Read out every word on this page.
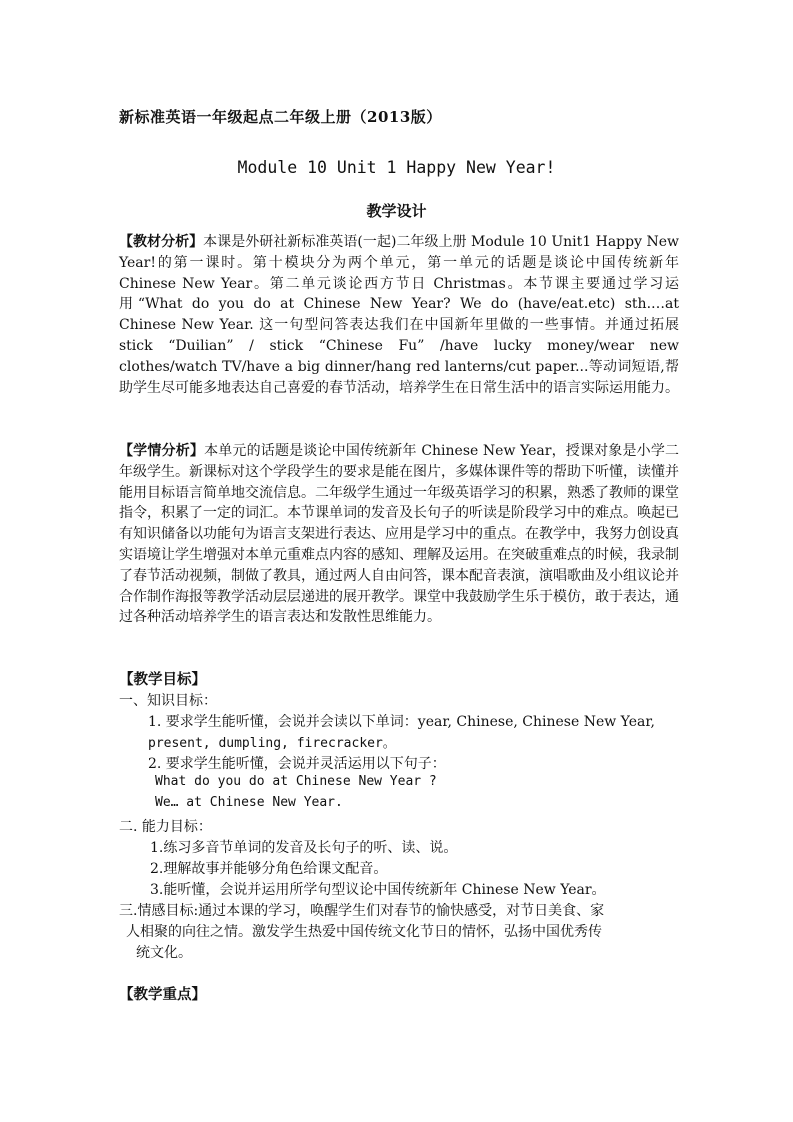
新标准英语一年级起点二年级上册（2013版）
Module 10 Unit 1 Happy New Year!
教学设计
【教材分析】本课是外研社新标准英语(一起)二年级上册 Module 10 Unit1 Happy New Year!的第一课时。第十模块分为两个单元，第一单元的话题是谈论中国传统新年 Chinese New Year。第二单元谈论西方节日 Christmas。本节课主要通过学习运用“What do you do at Chinese New Year? We do (have/eat.etc) sth.…at Chinese New Year. 这一句型问答表达我们在中国新年里做的一些事情。并通过拓展 stick “Duilian” / stick “Chinese Fu” /have lucky money/wear new clothes/watch TV/have a big dinner/hang red lanterns/cut paper...等动词短语,帮助学生尽可能多地表达自己喜爱的春节活动，培养学生在日常生活中的语言实际运用能力。
【学情分析】本单元的话题是谈论中国传统新年 Chinese New Year，授课对象是小学二年级学生。新课标对这个学段学生的要求是能在图片，多媒体课件等的帮助下听懂，读懂并能用目标语言简单地交流信息。二年级学生通过一年级英语学习的积累，熟悉了教师的课堂指令，积累了一定的词汇。本节课单词的发音及长句子的听读是阶段学习中的难点。唤起已有知识储备以功能句为语言支架进行表达、应用是学习中的重点。在教学中，我努力创设真实语境让学生增强对本单元重难点内容的感知、理解及运用。在突破重难点的时候，我录制了春节活动视频，制做了教具，通过两人自由问答，课本配音表演，演唱歌曲及小组议论并合作制作海报等教学活动层层递进的展开教学。课堂中我鼓励学生乐于模仿，敢于表达，通过各种活动培养学生的语言表达和发散性思维能力。
【教学目标】
一、知识目标：
1. 要求学生能听懂，会说并会读以下单词：year, Chinese, Chinese New Year,
present, dumpling, firecracker。
2. 要求学生能听懂，会说并灵活运用以下句子：
What do you do at Chinese New Year ?
We… at Chinese New Year.
二. 能力目标：
1.练习多音节单词的发音及长句子的听、读、说。
2.理解故事并能够分角色给课文配音。
3.能听懂，会说并运用所学句型议论中国传统新年 Chinese New Year。
三.情感目标:通过本课的学习，唤醒学生们对春节的愉快感受，对节日美食、家
人相聚的向往之情。激发学生热爱中国传统文化节日的情怀，弘扬中国优秀传
统文化。
【教学重点】
